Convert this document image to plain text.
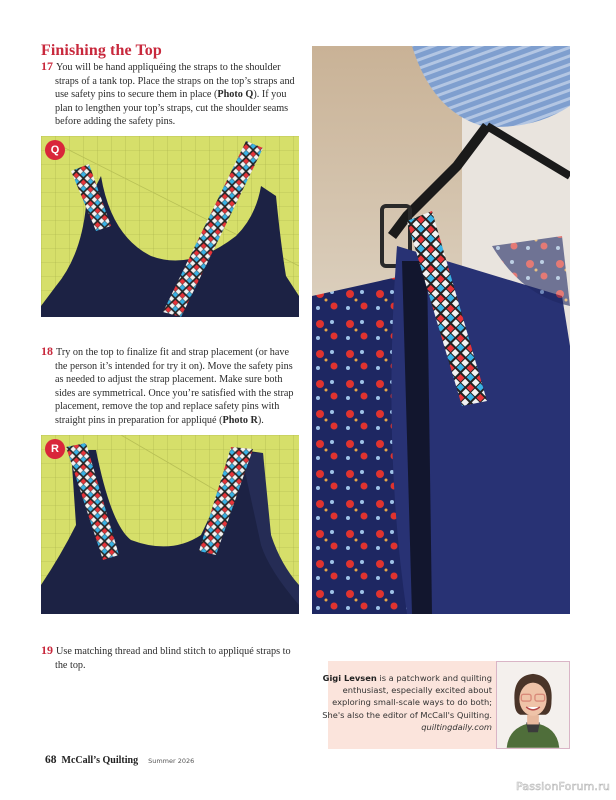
Finishing the Top

17 You will be hand appliquéing the straps to the shoulder straps of a tank top. Place the straps on the top’s straps and use safety pins to secure them in place (Photo Q). If you plan to lengthen your top’s straps, cut the shoulder seams before adding the safety pins.

Q

18 Try on the top to finalize fit and strap placement (or have the person it’s intended for try it on). Move the safety pins as needed to adjust the strap placement. Make sure both sides are symmetrical. Once you’re satisfied with the strap placement, remove the top and replace safety pins with straight pins in preparation for appliqué (Photo R).

R

19 Use matching thread and blind stitch to appliqué straps to the top.

Gigi Levsen is a patchwork and quilting enthusiast, especially excited about exploring small-scale ways to do both; She's also the editor of McCall's Quilting.
quiltingdaily.com

68 McCall’s Quilting Summer 2026
PassionForum.ru
